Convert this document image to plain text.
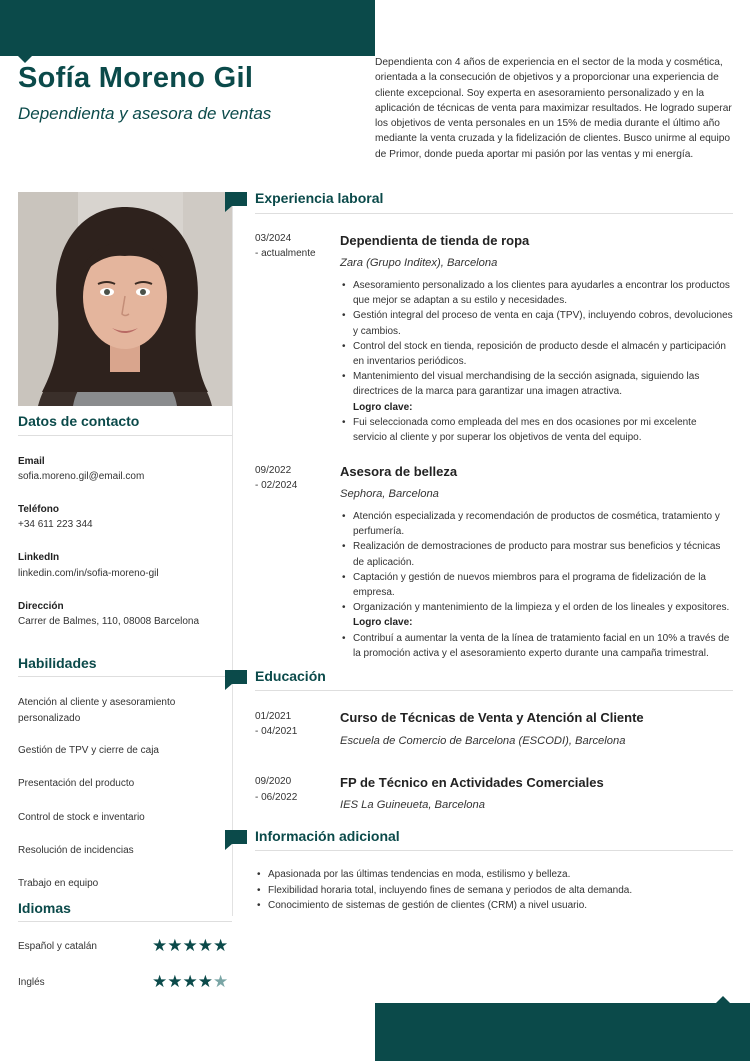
Sofía Moreno Gil
Dependienta y asesora de ventas

Dependienta con 4 años de experiencia en el sector de la moda y cosmética, orientada a la consecución de objetivos y a proporcionar una experiencia de cliente excepcional. Soy experta en asesoramiento personalizado y en la aplicación de técnicas de venta para maximizar resultados. He logrado superar los objetivos de venta personales en un 15% de media durante el último año mediante la venta cruzada y la fidelización de clientes. Busco unirme al equipo de Primor, donde pueda aportar mi pasión por las ventas y mi energía.

Datos de contacto
Email
sofia.moreno.gil@email.com
Teléfono
+34 611 223 344
LinkedIn
linkedin.com/in/sofia-moreno-gil
Dirección
Carrer de Balmes, 110, 08008 Barcelona
Habilidades
Atención al cliente y asesoramiento personalizado
Gestión de TPV y cierre de caja
Presentación del producto
Control de stock e inventario
Resolución de incidencias
Trabajo en equipo
Idiomas
Español y catalán	★★★★★
Inglés	★★★★★
Experiencia laboral
03/2024
- actualmente
Dependienta de tienda de ropa
Zara (Grupo Inditex), Barcelona
• Asesoramiento personalizado a los clientes para ayudarles a encontrar los productos que mejor se adaptan a su estilo y necesidades.
• Gestión integral del proceso de venta en caja (TPV), incluyendo cobros, devoluciones y cambios.
• Control del stock en tienda, reposición de producto desde el almacén y participación en inventarios periódicos.
• Mantenimiento del visual merchandising de la sección asignada, siguiendo las directrices de la marca para garantizar una imagen atractiva.
Logro clave:
• Fui seleccionada como empleada del mes en dos ocasiones por mi excelente servicio al cliente y por superar los objetivos de venta del equipo.
09/2022
- 02/2024
Asesora de belleza
Sephora, Barcelona
• Atención especializada y recomendación de productos de cosmética, tratamiento y perfumería.
• Realización de demostraciones de producto para mostrar sus beneficios y técnicas de aplicación.
• Captación y gestión de nuevos miembros para el programa de fidelización de la empresa.
• Organización y mantenimiento de la limpieza y el orden de los lineales y expositores.
Logro clave:
• Contribuí a aumentar la venta de la línea de tratamiento facial en un 10% a través de la promoción activa y el asesoramiento experto durante una campaña trimestral.
Educación
01/2021
- 04/2021
Curso de Técnicas de Venta y Atención al Cliente
Escuela de Comercio de Barcelona (ESCODI), Barcelona
09/2020
- 06/2022
FP de Técnico en Actividades Comerciales
IES La Guineueta, Barcelona
Información adicional
• Apasionada por las últimas tendencias en moda, estilismo y belleza.
• Flexibilidad horaria total, incluyendo fines de semana y periodos de alta demanda.
• Conocimiento de sistemas de gestión de clientes (CRM) a nivel usuario.
